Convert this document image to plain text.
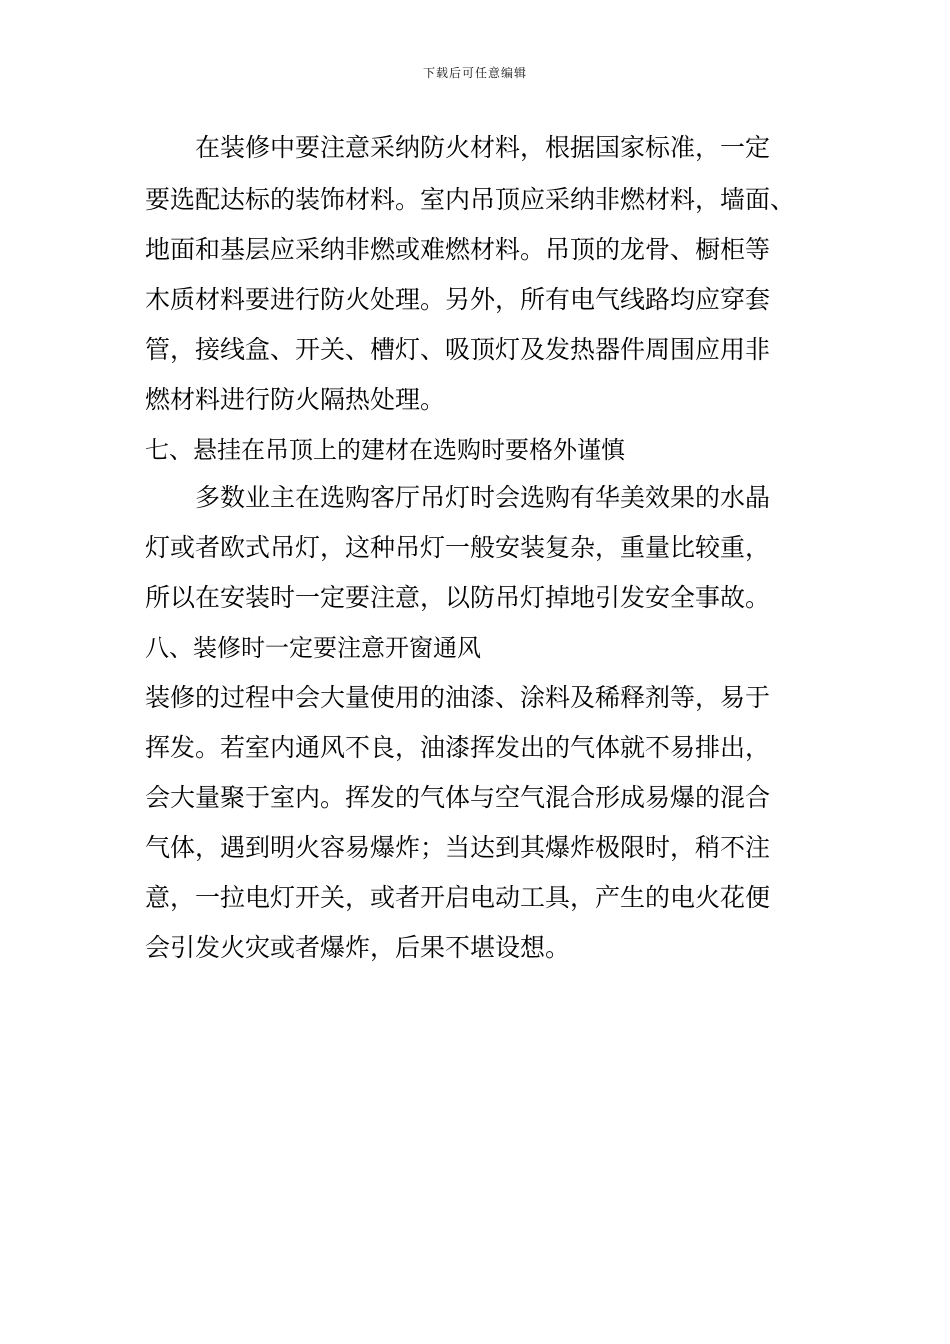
下载后可任意编辑
在装修中要注意采纳防火材料，根据国家标准，一定
要选配达标的装饰材料。室内吊顶应采纳非燃材料，墙面、
地面和基层应采纳非燃或难燃材料。吊顶的龙骨、橱柜等
木质材料要进行防火处理。另外，所有电气线路均应穿套
管，接线盒、开关、槽灯、吸顶灯及发热器件周围应用非
燃材料进行防火隔热处理。
七、悬挂在吊顶上的建材在选购时要格外谨慎
多数业主在选购客厅吊灯时会选购有华美效果的水晶
灯或者欧式吊灯，这种吊灯一般安装复杂，重量比较重，
所以在安装时一定要注意，以防吊灯掉地引发安全事故。
八、装修时一定要注意开窗通风
装修的过程中会大量使用的油漆、涂料及稀释剂等，易于
挥发。若室内通风不良，油漆挥发出的气体就不易排出，
会大量聚于室内。挥发的气体与空气混合形成易爆的混合
气体，遇到明火容易爆炸；当达到其爆炸极限时，稍不注
意，一拉电灯开关，或者开启电动工具，产生的电火花便
会引发火灾或者爆炸，后果不堪设想。
